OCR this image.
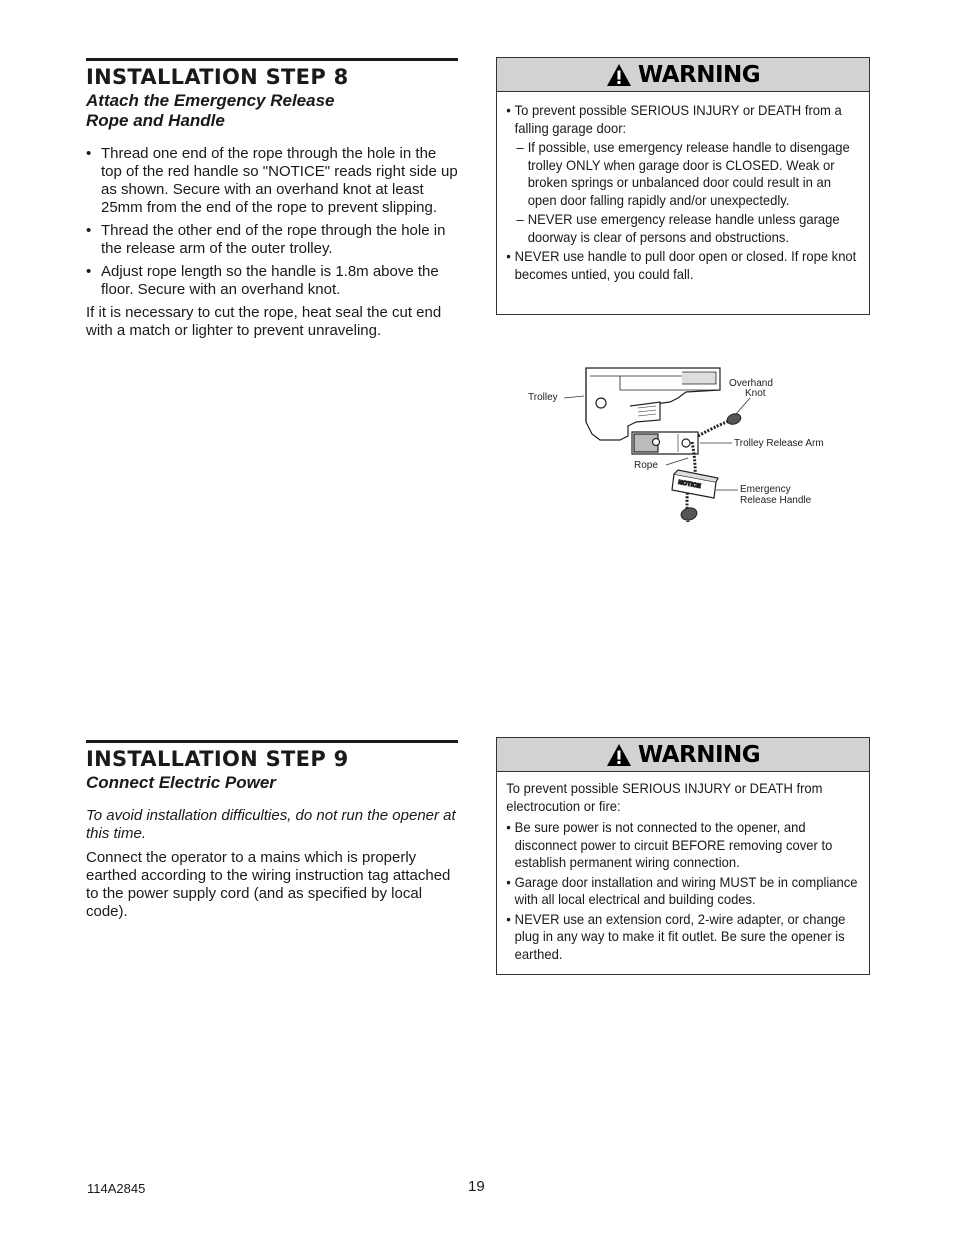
INSTALLATION STEP 8
Attach the Emergency Release
Rope and Handle
• Thread one end of the rope through the hole in the top of the red handle so "NOTICE" reads right side up as shown. Secure with an overhand knot at least 25mm from the end of the rope to prevent slipping.
• Thread the other end of the rope through the hole in the release arm of the outer trolley.
• Adjust rope length so the handle is 1.8m above the floor. Secure with an overhand knot.

If it is necessary to cut the rope, heat seal the cut end with a match or lighter to prevent unraveling.

WARNING
• To prevent possible SERIOUS INJURY or DEATH from a falling garage door:
– If possible, use emergency release handle to disengage trolley ONLY when garage door is CLOSED. Weak or broken springs or unbalanced door could result in an open door falling rapidly and/or unexpectedly.
– NEVER use emergency release handle unless garage doorway is clear of persons and obstructions.
• NEVER use handle to pull door open or closed. If rope knot becomes untied, you could fall.
NOTICE
Trolley
Overhand
Knot
Trolley Release Arm
Rope
Emergency
Release Handle
INSTALLATION STEP 9
Connect Electric Power

To avoid installation difficulties, do not run the opener at this time.

Connect the operator to a mains which is properly earthed according to the wiring instruction tag attached to the power supply cord (and as specified by local code).

WARNING
To prevent possible SERIOUS INJURY or DEATH from electrocution or fire:
• Be sure power is not connected to the opener, and disconnect power to circuit BEFORE removing cover to establish permanent wiring connection.
• Garage door installation and wiring MUST be in compliance with all local electrical and building codes.
• NEVER use an extension cord, 2-wire adapter, or change plug in any way to make it fit outlet. Be sure the opener is earthed.
114A2845	19
